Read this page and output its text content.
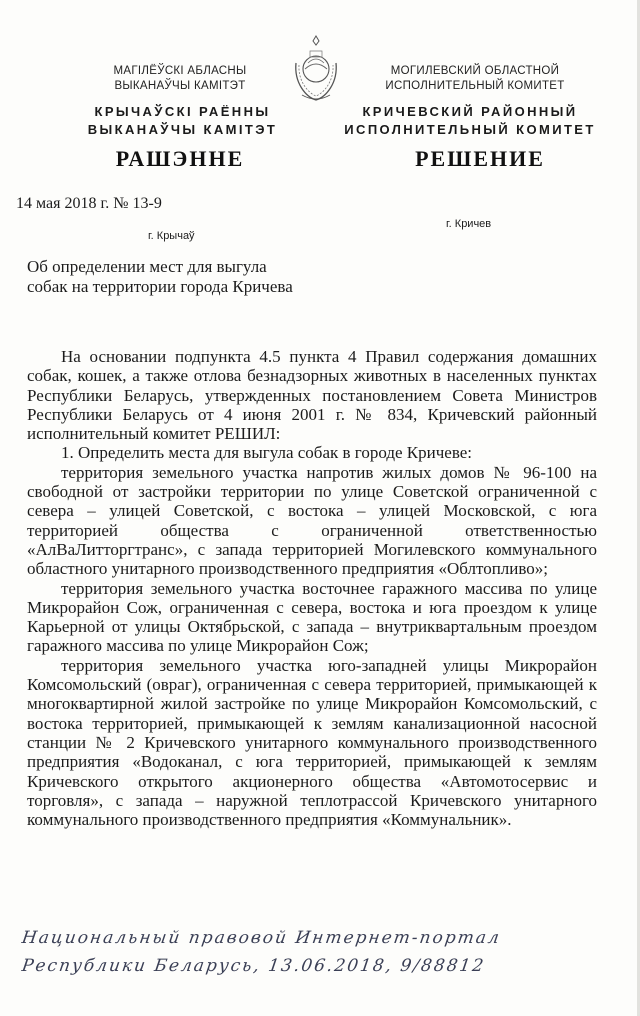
МАГІЛЁЎСКІ АБЛАСНЫ
ВЫКАНАЎЧЫ КАМІТЭТ
МОГИЛЕВСКИЙ ОБЛАСТНОЙ
ИСПОЛНИТЕЛЬНЫЙ КОМИТЕТ
КРЫЧАЎСКІ РАЁННЫ
ВЫКАНАЎЧЫ КАМІТЭТ
КРИЧЕВСКИЙ РАЙОННЫЙ
ИСПОЛНИТЕЛЬНЫЙ КОМИТЕТ
РАШЭННЕ	РЕШЕНИЕ
14 мая 2018 г. № 13-9
г. Кричев
г. Крычаў
Об определении мест для выгула
собак на территории города Кричева

На основании подпункта 4.5 пункта 4 Правил содержания домашних собак, кошек, а также отлова безнадзорных животных в населенных пунктах Республики Беларусь, утвержденных постановлением Совета Министров Республики Беларусь от 4 июня 2001 г. № 834, Кричевский районный исполнительный комитет РЕШИЛ:

1. Определить места для выгула собак в городе Кричеве:

территория земельного участка напротив жилых домов № 96-100 на свободной от застройки территории по улице Советской ограниченной с севера – улицей Советской, с востока – улицей Московской, с юга территорией общества с ограниченной ответственностью «АлВаЛитторгтранс», с запада территорией Могилевского коммунального областного унитарного производственного предприятия «Облтопливо»;

территория земельного участка восточнее гаражного массива по улице Микрорайон Сож, ограниченная с севера, востока и юга проездом к улице Карьерной от улицы Октябрьской, с запада – внутриквартальным проездом гаражного массива по улице Микрорайон Сож;

территория земельного участка юго-западней улицы Микрорайон Комсомольский (овраг), ограниченная с севера территорией, примыкающей к многоквартирной жилой застройке по улице Микрорайон Комсомольский, с востока территорией, примыкающей к землям канализационной насосной станции № 2 Кричевского унитарного коммунального производственного предприятия «Водоканал, с юга территорией, примыкающей к землям Кричевского открытого акционерного общества «Автомотосервис и торговля», с запада – наружной теплотрассой Кричевского унитарного коммунального производственного предприятия «Коммунальник».

Национальный правовой Интернет-портал
Республики Беларусь, 13.06.2018, 9/88812
